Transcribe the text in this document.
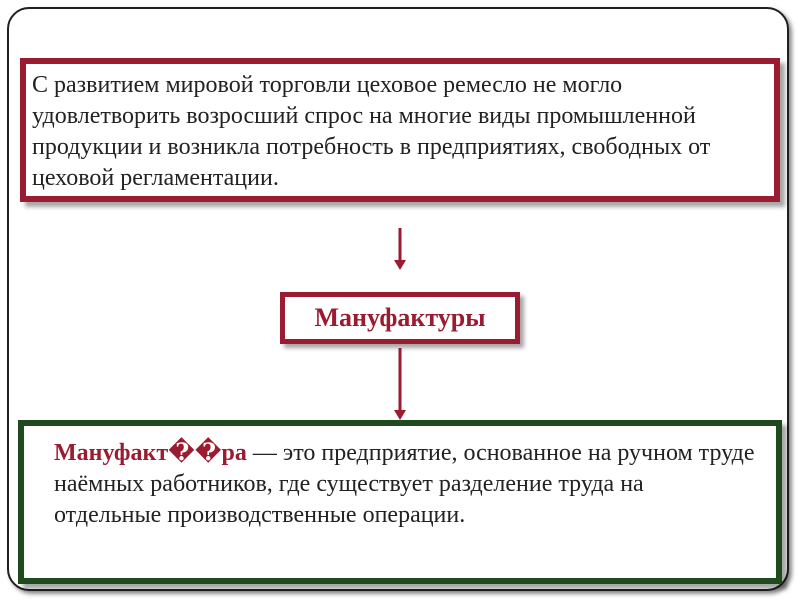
С развитием мировой торговли цеховое ремесло не могло удовлетворить возросший спрос на многие виды промышленной продукции и возникла потребность в предприятиях, свободных от цеховой регламентации.
Мануфактуры
Мануфакт��ра — это предприятие, основанное на ручном труде наёмных работников, где существует разделение труда на отдельные производственные операции.
